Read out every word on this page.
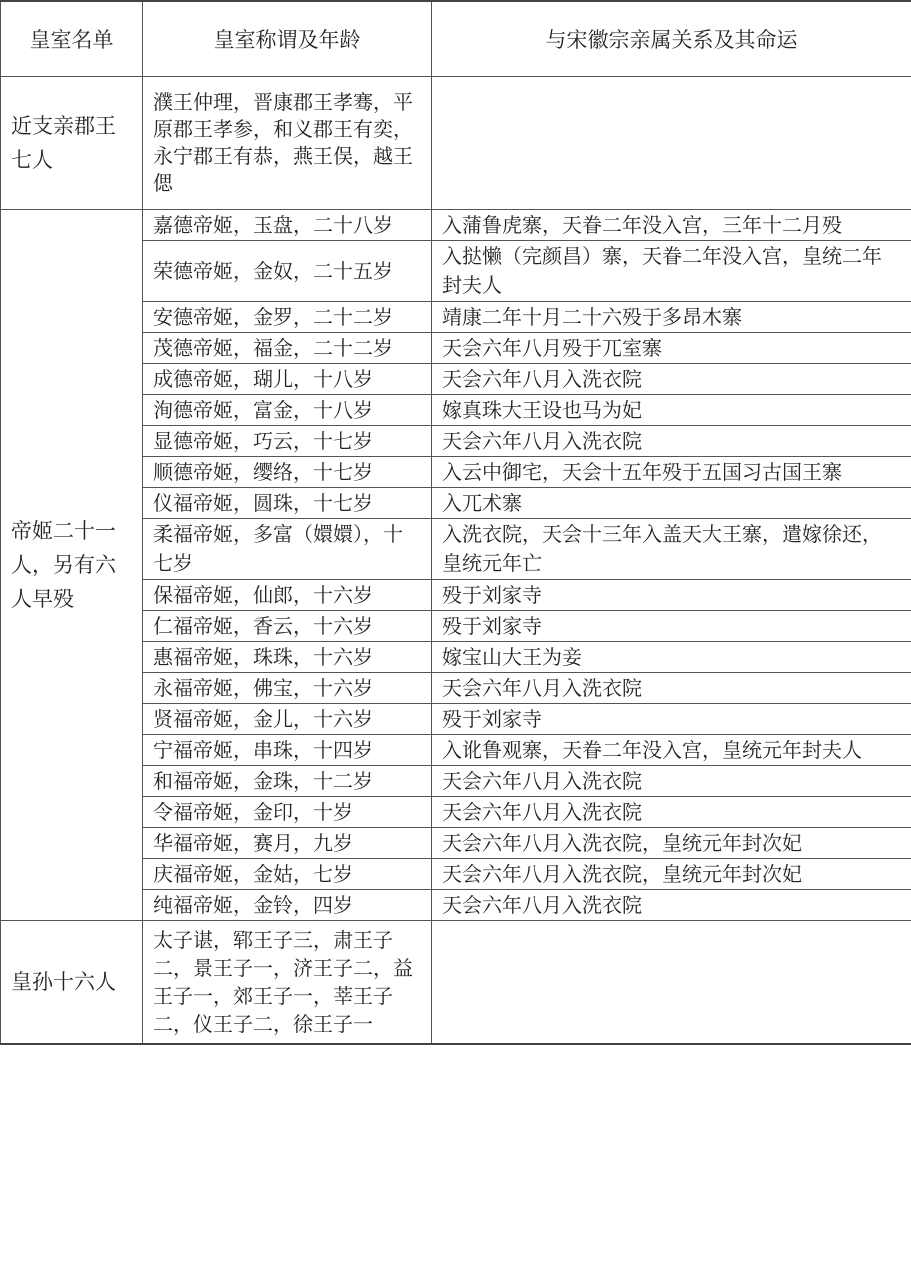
皇室名单	皇室称谓及年龄	与宋徽宗亲属关系及其命运
近支亲郡王七人	濮王仲理，晋康郡王孝骞，平原郡王孝参，和义郡王有奕，永宁郡王有恭，燕王俣，越王偲	
帝姬二十一人，另有六人早殁	嘉德帝姬，玉盘，二十八岁	入蒲鲁虎寨，天眷二年没入宫，三年十二月殁
	荣德帝姬，金奴，二十五岁	入挞懒（完颜昌）寨，天眷二年没入宫，皇统二年封夫人
	安德帝姬，金罗，二十二岁	靖康二年十月二十六殁于多昂木寨
	茂德帝姬，福金，二十二岁	天会六年八月殁于兀室寨
	成德帝姬，瑚儿，十八岁	天会六年八月入洗衣院
	洵德帝姬，富金，十八岁	嫁真珠大王设也马为妃
	显德帝姬，巧云，十七岁	天会六年八月入洗衣院
	顺德帝姬，缨络，十七岁	入云中御宅，天会十五年殁于五国习古国王寨
	仪福帝姬，圆珠，十七岁	入兀术寨
	柔福帝姬，多富（嬛嬛），十七岁	入洗衣院，天会十三年入盖天大王寨，遣嫁徐还，皇统元年亡
	保福帝姬，仙郎，十六岁	殁于刘家寺
	仁福帝姬，香云，十六岁	殁于刘家寺
	惠福帝姬，珠珠，十六岁	嫁宝山大王为妾
	永福帝姬，佛宝，十六岁	天会六年八月入洗衣院
	贤福帝姬，金儿，十六岁	殁于刘家寺
	宁福帝姬，串珠，十四岁	入讹鲁观寨，天眷二年没入宫，皇统元年封夫人
	和福帝姬，金珠，十二岁	天会六年八月入洗衣院
	令福帝姬，金印，十岁	天会六年八月入洗衣院
	华福帝姬，赛月，九岁	天会六年八月入洗衣院，皇统元年封次妃
	庆福帝姬，金姑，七岁	天会六年八月入洗衣院，皇统元年封次妃
	纯福帝姬，金铃，四岁	天会六年八月入洗衣院
皇孙十六人	太子谌，郓王子三，肃王子二，景王子一，济王子二，益王子一，郊王子一，莘王子二，仪王子二，徐王子一	
